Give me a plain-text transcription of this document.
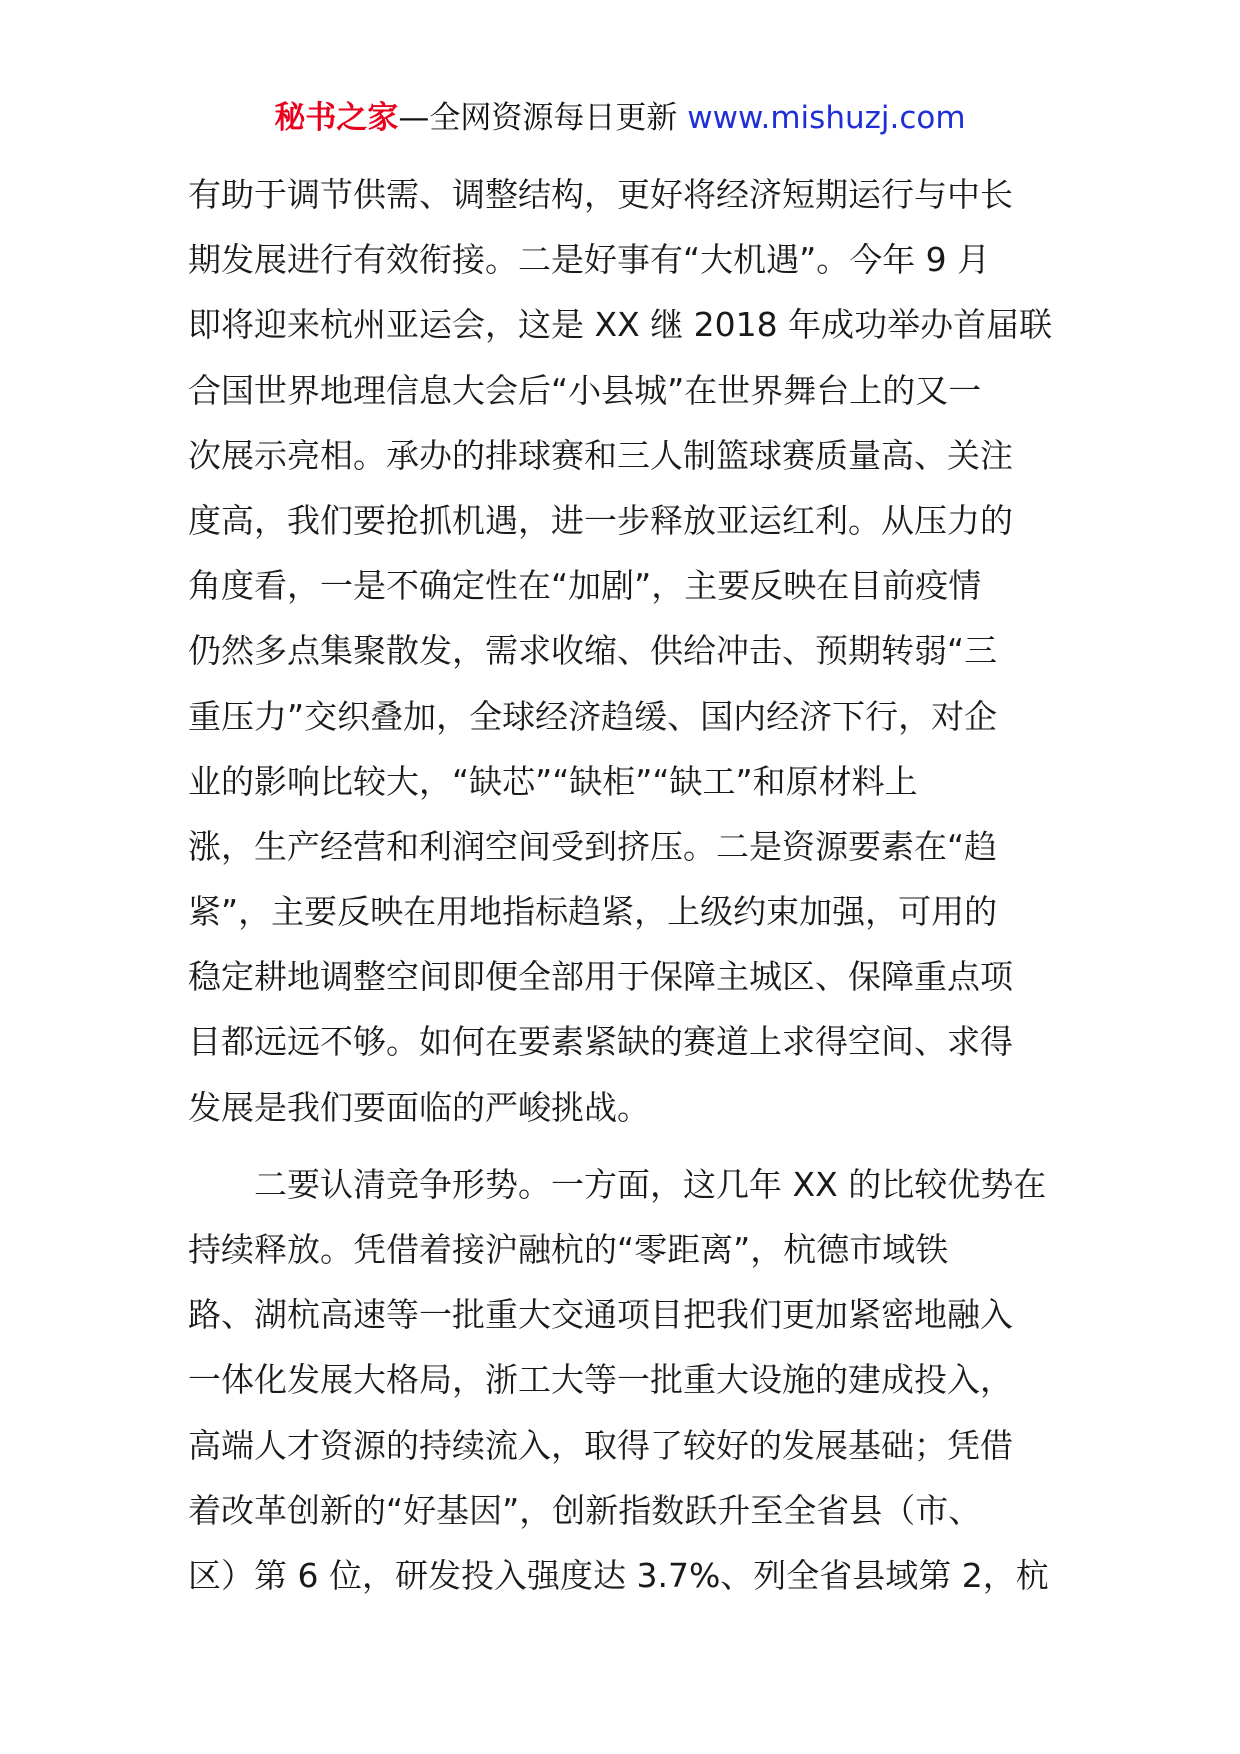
秘书之家—全网资源每日更新 www.mishuzj.com
有助于调节供需、调整结构，更好将经济短期运行与中长
期发展进行有效衔接。二是好事有“大机遇”。今年 9 月
即将迎来杭州亚运会，这是 XX 继 2018 年成功举办首届联
合国世界地理信息大会后“小县城”在世界舞台上的又一
次展示亮相。承办的排球赛和三人制篮球赛质量高、关注
度高，我们要抢抓机遇，进一步释放亚运红利。从压力的
角度看，一是不确定性在“加剧”，主要反映在目前疫情
仍然多点集聚散发，需求收缩、供给冲击、预期转弱“三
重压力”交织叠加，全球经济趋缓、国内经济下行，对企
业的影响比较大，“缺芯”“缺柜”“缺工”和原材料上
涨，生产经营和利润空间受到挤压。二是资源要素在“趋
紧”，主要反映在用地指标趋紧，上级约束加强，可用的
稳定耕地调整空间即便全部用于保障主城区、保障重点项
目都远远不够。如何在要素紧缺的赛道上求得空间、求得
发展是我们要面临的严峻挑战。
二要认清竞争形势。一方面，这几年 XX 的比较优势在
持续释放。凭借着接沪融杭的“零距离”，杭德市域铁
路、湖杭高速等一批重大交通项目把我们更加紧密地融入
一体化发展大格局，浙工大等一批重大设施的建成投入，
高端人才资源的持续流入，取得了较好的发展基础；凭借
着改革创新的“好基因”，创新指数跃升至全省县（市、
区）第 6 位，研发投入强度达 3.7%、列全省县域第 2，杭
